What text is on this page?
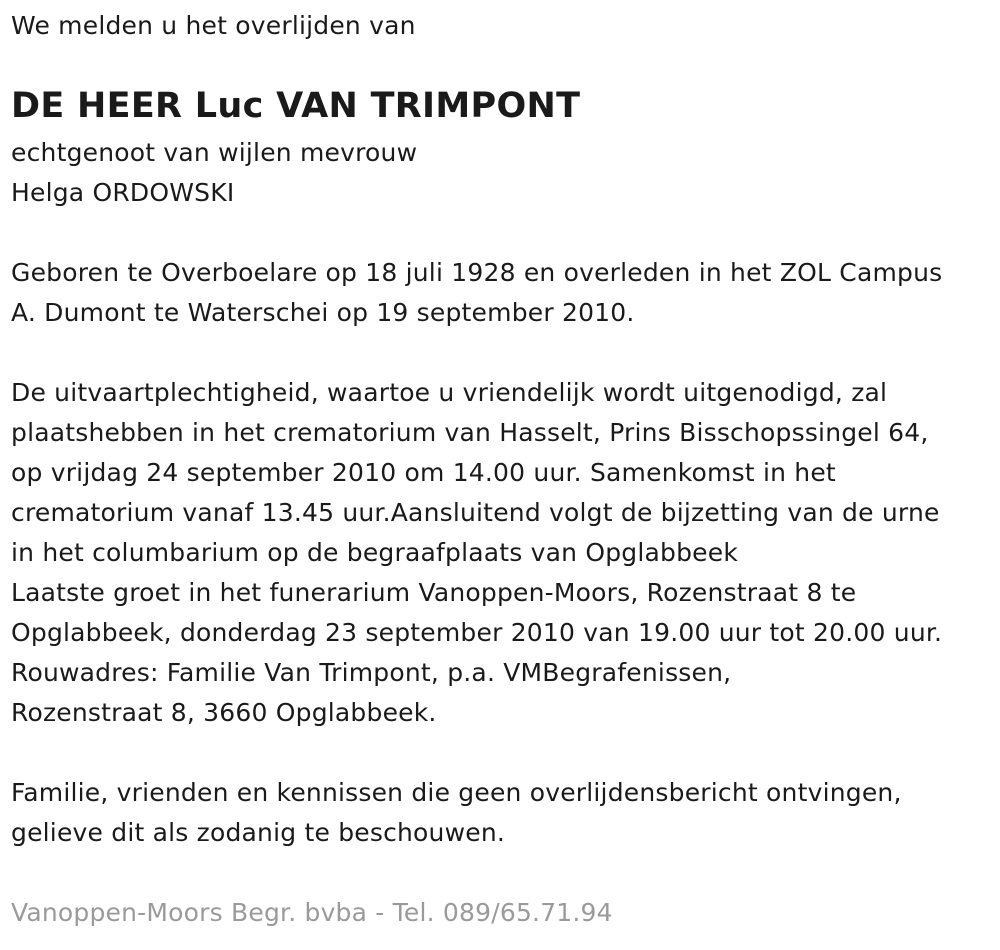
We melden u het overlijden van
DE HEER Luc VAN TRIMPONT
echtgenoot van wijlen mevrouw
Helga ORDOWSKI
Geboren te Overboelare op 18 juli 1928 en overleden in het ZOL Campus
A. Dumont te Waterschei op 19 september 2010.
De uitvaartplechtigheid, waartoe u vriendelijk wordt uitgenodigd, zal
plaatshebben in het crematorium van Hasselt, Prins Bisschopssingel 64,
op vrijdag 24 september 2010 om 14.00 uur. Samenkomst in het
crematorium vanaf 13.45 uur.Aansluitend volgt de bijzetting van de urne
in het columbarium op de begraafplaats van Opglabbeek
Laatste groet in het funerarium Vanoppen-Moors, Rozenstraat 8 te
Opglabbeek, donderdag 23 september 2010 van 19.00 uur tot 20.00 uur.
Rouwadres: Familie Van Trimpont, p.a. VMBegrafenissen,
Rozenstraat 8, 3660 Opglabbeek.
Familie, vrienden en kennissen die geen overlijdensbericht ontvingen,
gelieve dit als zodanig te beschouwen.
Vanoppen-Moors Begr. bvba - Tel. 089/65.71.94
